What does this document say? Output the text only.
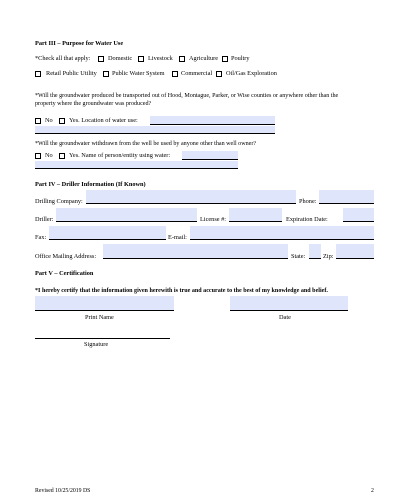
Part III – Purpose for Water Use
*Check all that apply:	Domestic	Livestock	Agriculture Poultry
Retail Public Utility Public Water System	Commercial Oil/Gas Exploration
*Will the groundwater produced be transported out of Hood, Montague, Parker, or Wise counties or anywhere other than the
property where the groundwater was produced?
No	Yes. Location of water use:
*Will the groundwater withdrawn from the well be used by anyone other than well owner?
No	Yes. Name of person/entity using water:
Part IV – Driller Information (If Known)
Drilling Company:	Phone:
Driller:	License #:	Expiration Date:
Fax:	E-mail:
Office Mailing Address:	State:	Zip:
Part V – Certification
*I hereby certify that the information given herewith is true and accurate to the best of my knowledge and belief.
Print Name	Date
Signature
Revised 10/25/2019 DS	2
